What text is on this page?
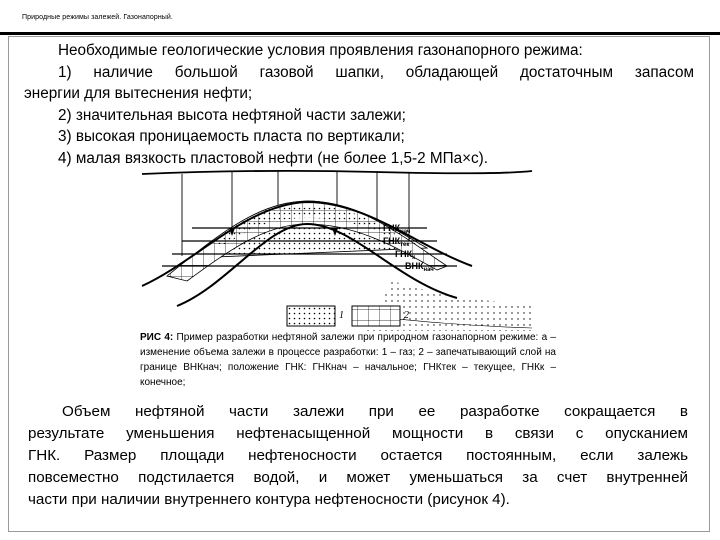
Природные режимы залежей. Газонапорный.

Необходимые геологические условия проявления газонапорного режима:

1) наличие большой газовой шапки, обладающей достаточным запасом

энергии для вытеснения нефти;

2) значительная высота нефтяной части залежи;

3) высокая проницаемость пласта по вертикали;

4) малая вязкость пластовой нефти (не более 1,5-2 МПа×с).

$ГНК_{нач}$
$ГНК_{тек}$
$ГНК_к$
$ВНК_{нач}$
1	2
РИС 4: Пример разработки нефтяной залежи при природном газонапорном режиме: а – изменение объема залежи в процессе разработки: 1 – газ; 2 – запечатывающий слой на границе ВНКнач; положение ГНК: ГНКнач – начальное; ГНКтек – текущее, ГНКк – конечное;

Объем нефтяной части залежи при ее разработке сокращается в

результате уменьшения нефтенасыщенной мощности в связи с опусканием

ГНК. Размер площади нефтеносности остается постоянным, если залежь

повсеместно подстилается водой, и может уменьшаться за счет внутренней

части при наличии внутреннего контура нефтеносности (рисунок 4).
